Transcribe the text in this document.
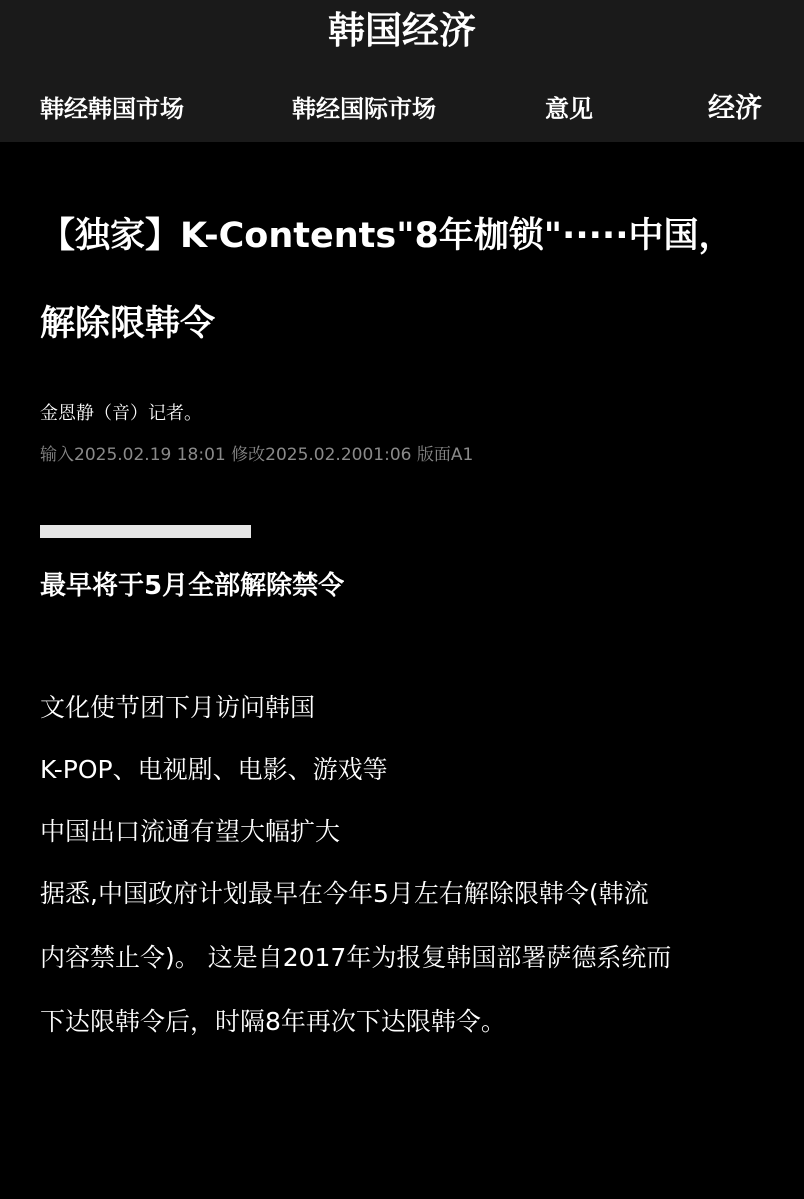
韩国经济
韩经韩国市场	韩经国际市场	意见	经济
【独家】K-Contents"8年枷锁"·····中国，
解除限韩令
金恩静（音）记者。
输入2025.02.19 18:01 修改2025.02.2001:06 版面A1
最早将于5月全部解除禁令
文化使节团下月访问韩国
K-POP、电视剧、电影、游戏等
中国出口流通有望大幅扩大
据悉,中国政府计划最早在今年5月左右解除限韩令(韩流
内容禁止令)。 这是自2017年为报复韩国部署萨德系统而
下达限韩令后，时隔8年再次下达限韩令。
